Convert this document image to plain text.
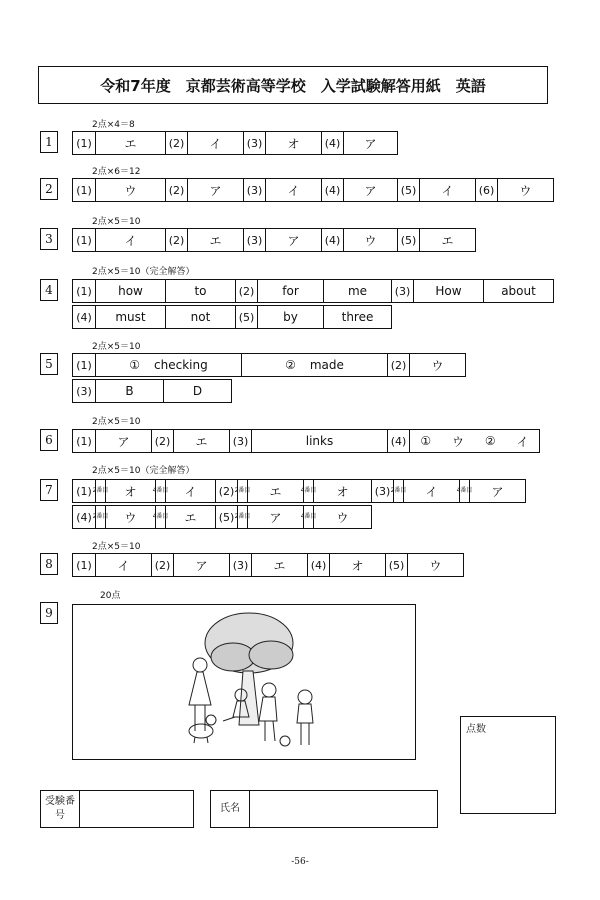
令和7年度　京都芸術高等学校　入学試験解答用紙　英語
2点×4＝8
1	(1)	エ	(2)	イ	(3)	オ	(4)	ア
2点×6＝12
2	(1)	ウ	(2)	ア	(3)	イ	(4)	ア	(5)	イ	(6)	ウ
2点×5＝10
3	(1)	イ	(2)	エ	(3)	ア	(4)	ウ	(5)	エ
2点×5＝10（完全解答）
4	(1)	how	to	(2)	for	me	(3)	How	about
(4)	must	not	(5)	by	three
2点×5＝10
5	(1)	① checking	② made	(2)	ウ
(3)	B	D
2点×5＝10
6	(1)	ア	(2)	エ	(3)	links	(4) ① ウ ② イ
2点×5＝10（完全解答）
7	(1) 2番目	オ	4番目	イ	(2) 2番目	エ	4番目	オ	(3) 2番目	イ	4番目	ア
(4) 2番目	ウ	4番目	エ	(5) 2番目	ア	4番目	ウ
2点×5＝10
8	(1)	イ	(2)	ア	(3)	エ	(4)	オ	(5)	ウ
20点
9
点数
受験番号
氏名
-56-
